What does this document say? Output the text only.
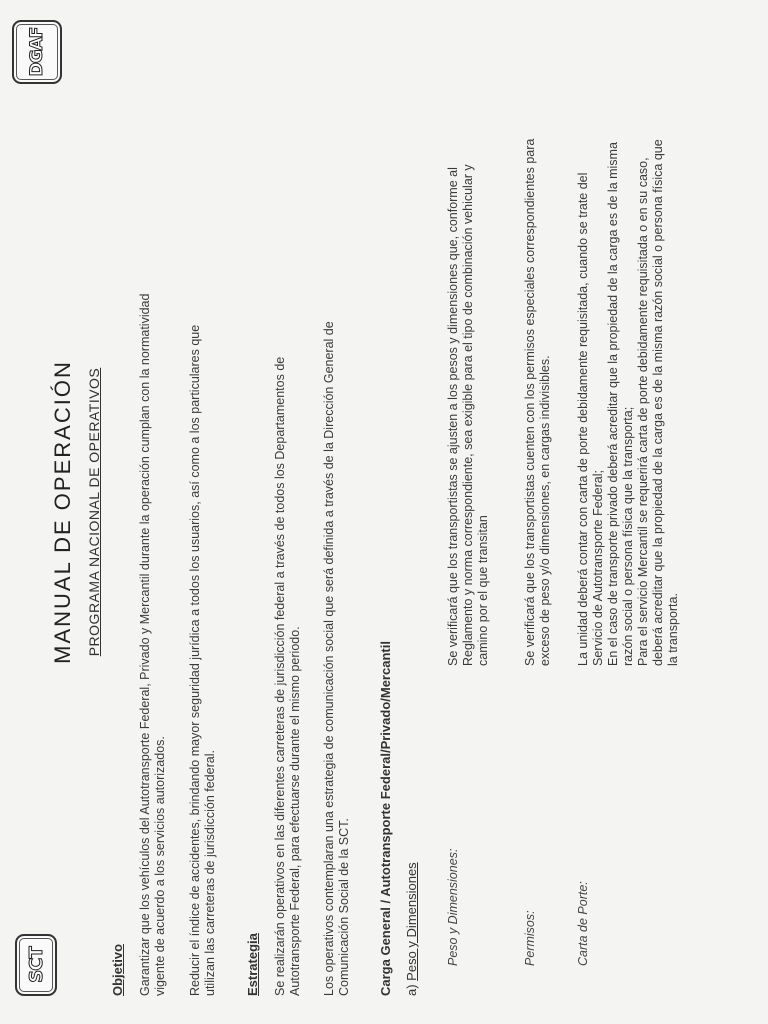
SCT
DGAF
MANUAL DE OPERACIÓN PROGRAMA NACIONAL DE OPERATIVOS
Objetivo Garantizar que los vehículos del Autotransporte Federal, Privado y Mercantil durante la operación cumplan con la normatividad vigente de acuerdo a los servicios autorizados. Reducir el índice de accidentes, brindando mayor seguridad jurídica a todos los usuarios, así como a los particulares que utilizan las carreteras de jurisdicción federal. Estrategia Se realizarán operativos en las diferentes carreteras de jurisdicción federal a través de todos los Departamentos de Autotransporte Federal, para efectuarse durante el mismo periodo. Los operativos contemplaran una estrategia de comunicación social que será definida a través de la Dirección General de Comunicación Social de la SCT. Carga General / Autotransporte Federal/Privado/Mercantil a) Peso y Dimensiones Peso y Dimensiones:
Se verificará que los transportistas se ajusten a los pesos y dimensiones que, conforme al Reglamento y norma correspondiente, sea exigible para el tipo de combinación vehicular y camino por el que transitan
Permisos:
Se verificará que los transportistas cuenten con los permisos especiales correspondientes para exceso de peso y/o dimensiones, en cargas indivisibles.
Carta de Porte:
La unidad deberá contar con carta de porte debidamente requisitada, cuando se trate del Servicio de Autotransporte Federal; En el caso de transporte privado deberá acreditar que la propiedad de la carga es de la misma razón social o persona física que la transporta; Para el servicio Mercantil se requerirá carta de porte debidamente requisitada o en su caso, deberá acreditar que la propiedad de la carga es de la misma razón social o persona física que la transporta.
